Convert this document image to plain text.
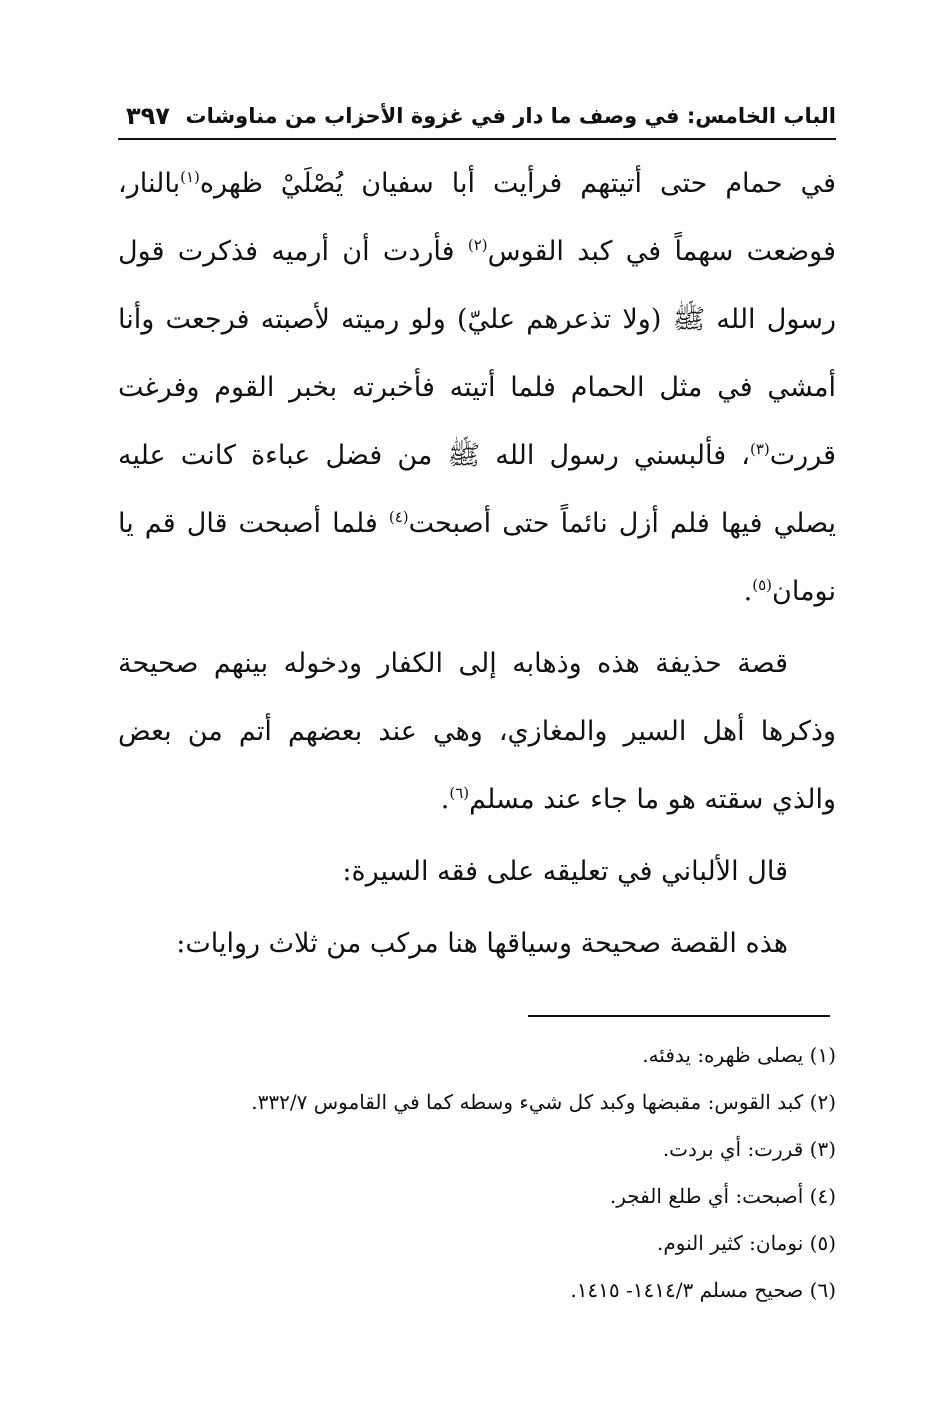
الباب الخامس: في وصف ما دار في غزوة الأحزاب من مناوشات
٣٩٧

في حمام حتى أتيتهم فرأيت أبا سفيان يُصْلَيْ ظهره$^{(١)}$بالنار، فوضعت سهماً في كبد القوس$^{(٢)}$ فأردت أن أرميه فذكرت قول رسول الله ﷺ (ولا تذعرهم عليّ) ولو رميته لأصبته فرجعت وأنا أمشي في مثل الحمام فلما أتيته فأخبرته بخبر القوم وفرغت قررت$^{(٣)}$، فألبسني رسول الله ﷺ من فضل عباءة كانت عليه يصلي فيها فلم أزل نائماً حتى أصبحت$^{(٤)}$ فلما أصبحت قال قم يا نومان$^{(٥)}$.

قصة حذيفة هذه وذهابه إلى الكفار ودخوله بينهم صحيحة وذكرها أهل السير والمغازي، وهي عند بعضهم أتم من بعض والذي سقته هو ما جاء عند مسلم$^{(٦)}$.

قال الألباني في تعليقه على فقه السيرة:

هذه القصة صحيحة وسياقها هنا مركب من ثلاث روايات:

(١) يصلى ظهره: يدفئه.

(٢) كبد القوس: مقبضها وكبد كل شيء وسطه كما في القاموس ٣٣٢/٧.

(٣) قررت: أي بردت.

(٤) أصبحت: أي طلع الفجر.

(٥) نومان: كثير النوم.

(٦) صحيح مسلم ١٤١٤/٣- ١٤١٥.
